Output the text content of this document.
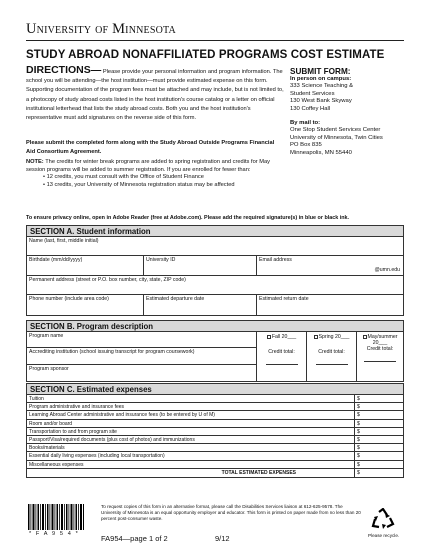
University of Minnesota
STUDY ABROAD NONAFFILIATED PROGRAMS COST ESTIMATE
DIRECTIONS— Please provide your personal information and program information. The school you will be attending—the host institution—must provide estimated expense on this form. Supporting documentation of the program fees must be attached and may include, but is not limited to, a photocopy of study abroad costs listed in the host institution's course catalog or a letter on official institutional letterhead that lists the study abroad costs. Both you and the host institution's representative must add signatures on the reverse side of this form.
Please submit the completed form along with the Study Abroad Outside Programs Financial Aid Consortium Agreement.
NOTE: The credits for winter break programs are added to spring registration and credits for May session programs will be added to summer registration. If you are enrolled for fewer than:
• 12 credits, you must consult with the Office of Student Finance
• 13 credits, your University of Minnesota registration status may be affected
SUBMIT FORM:
In person on campus:
333 Science Teaching &
Student Services
130 West Bank Skyway
130 Coffey Hall
By mail to:
One Stop Student Services Center
University of Minnesota, Twin Cities
PO Box 835
Minneapolis, MN 55440
To ensure privacy online, open in Adobe Reader (free at Adobe.com). Please add the required signature(s) in blue or black ink.
SECTION A. Student information
Name (last, first, middle initial)
Birthdate (mm/dd/yyyy)	University ID	Email address
@umn.edu
Permanent address (street or P.O. box number, city, state, ZIP code)
Phone number (include area code)	Estimated departure date	Estimated return date
SECTION B. Program description
Program name
Accrediting institution (school issuing transcript for program coursework)
Program sponsor
Fall 20___
Credit total:
Spring 20___
Credit total:
May/summer
20___
Credit total:
SECTION C. Estimated expenses
Tuition	$
Program administrative and insurance fees	$
Learning Abroad Center administrative and insurance fees (to be entered by U of M)	$
Room and/or board	$
Transportation to and from program site	$
Passport/Visa/required documents (plus cost of photos) and immunizations	$
Books/materials	$
Essential daily living expenses (including local transportation)	$
Miscellaneous expenses	$
TOTAL ESTIMATED EXPENSES	$
* F A 9 5 4 *
To request copies of this form in an alternative format, please call the Disabilities Services liaison at 612-625-9578. The University of Minnesota is an equal opportunity employer and educator. This form is printed on paper made from no less than 20 percent post-consumer waste.
FA954—page 1 of 2	9/12	Please recycle.
